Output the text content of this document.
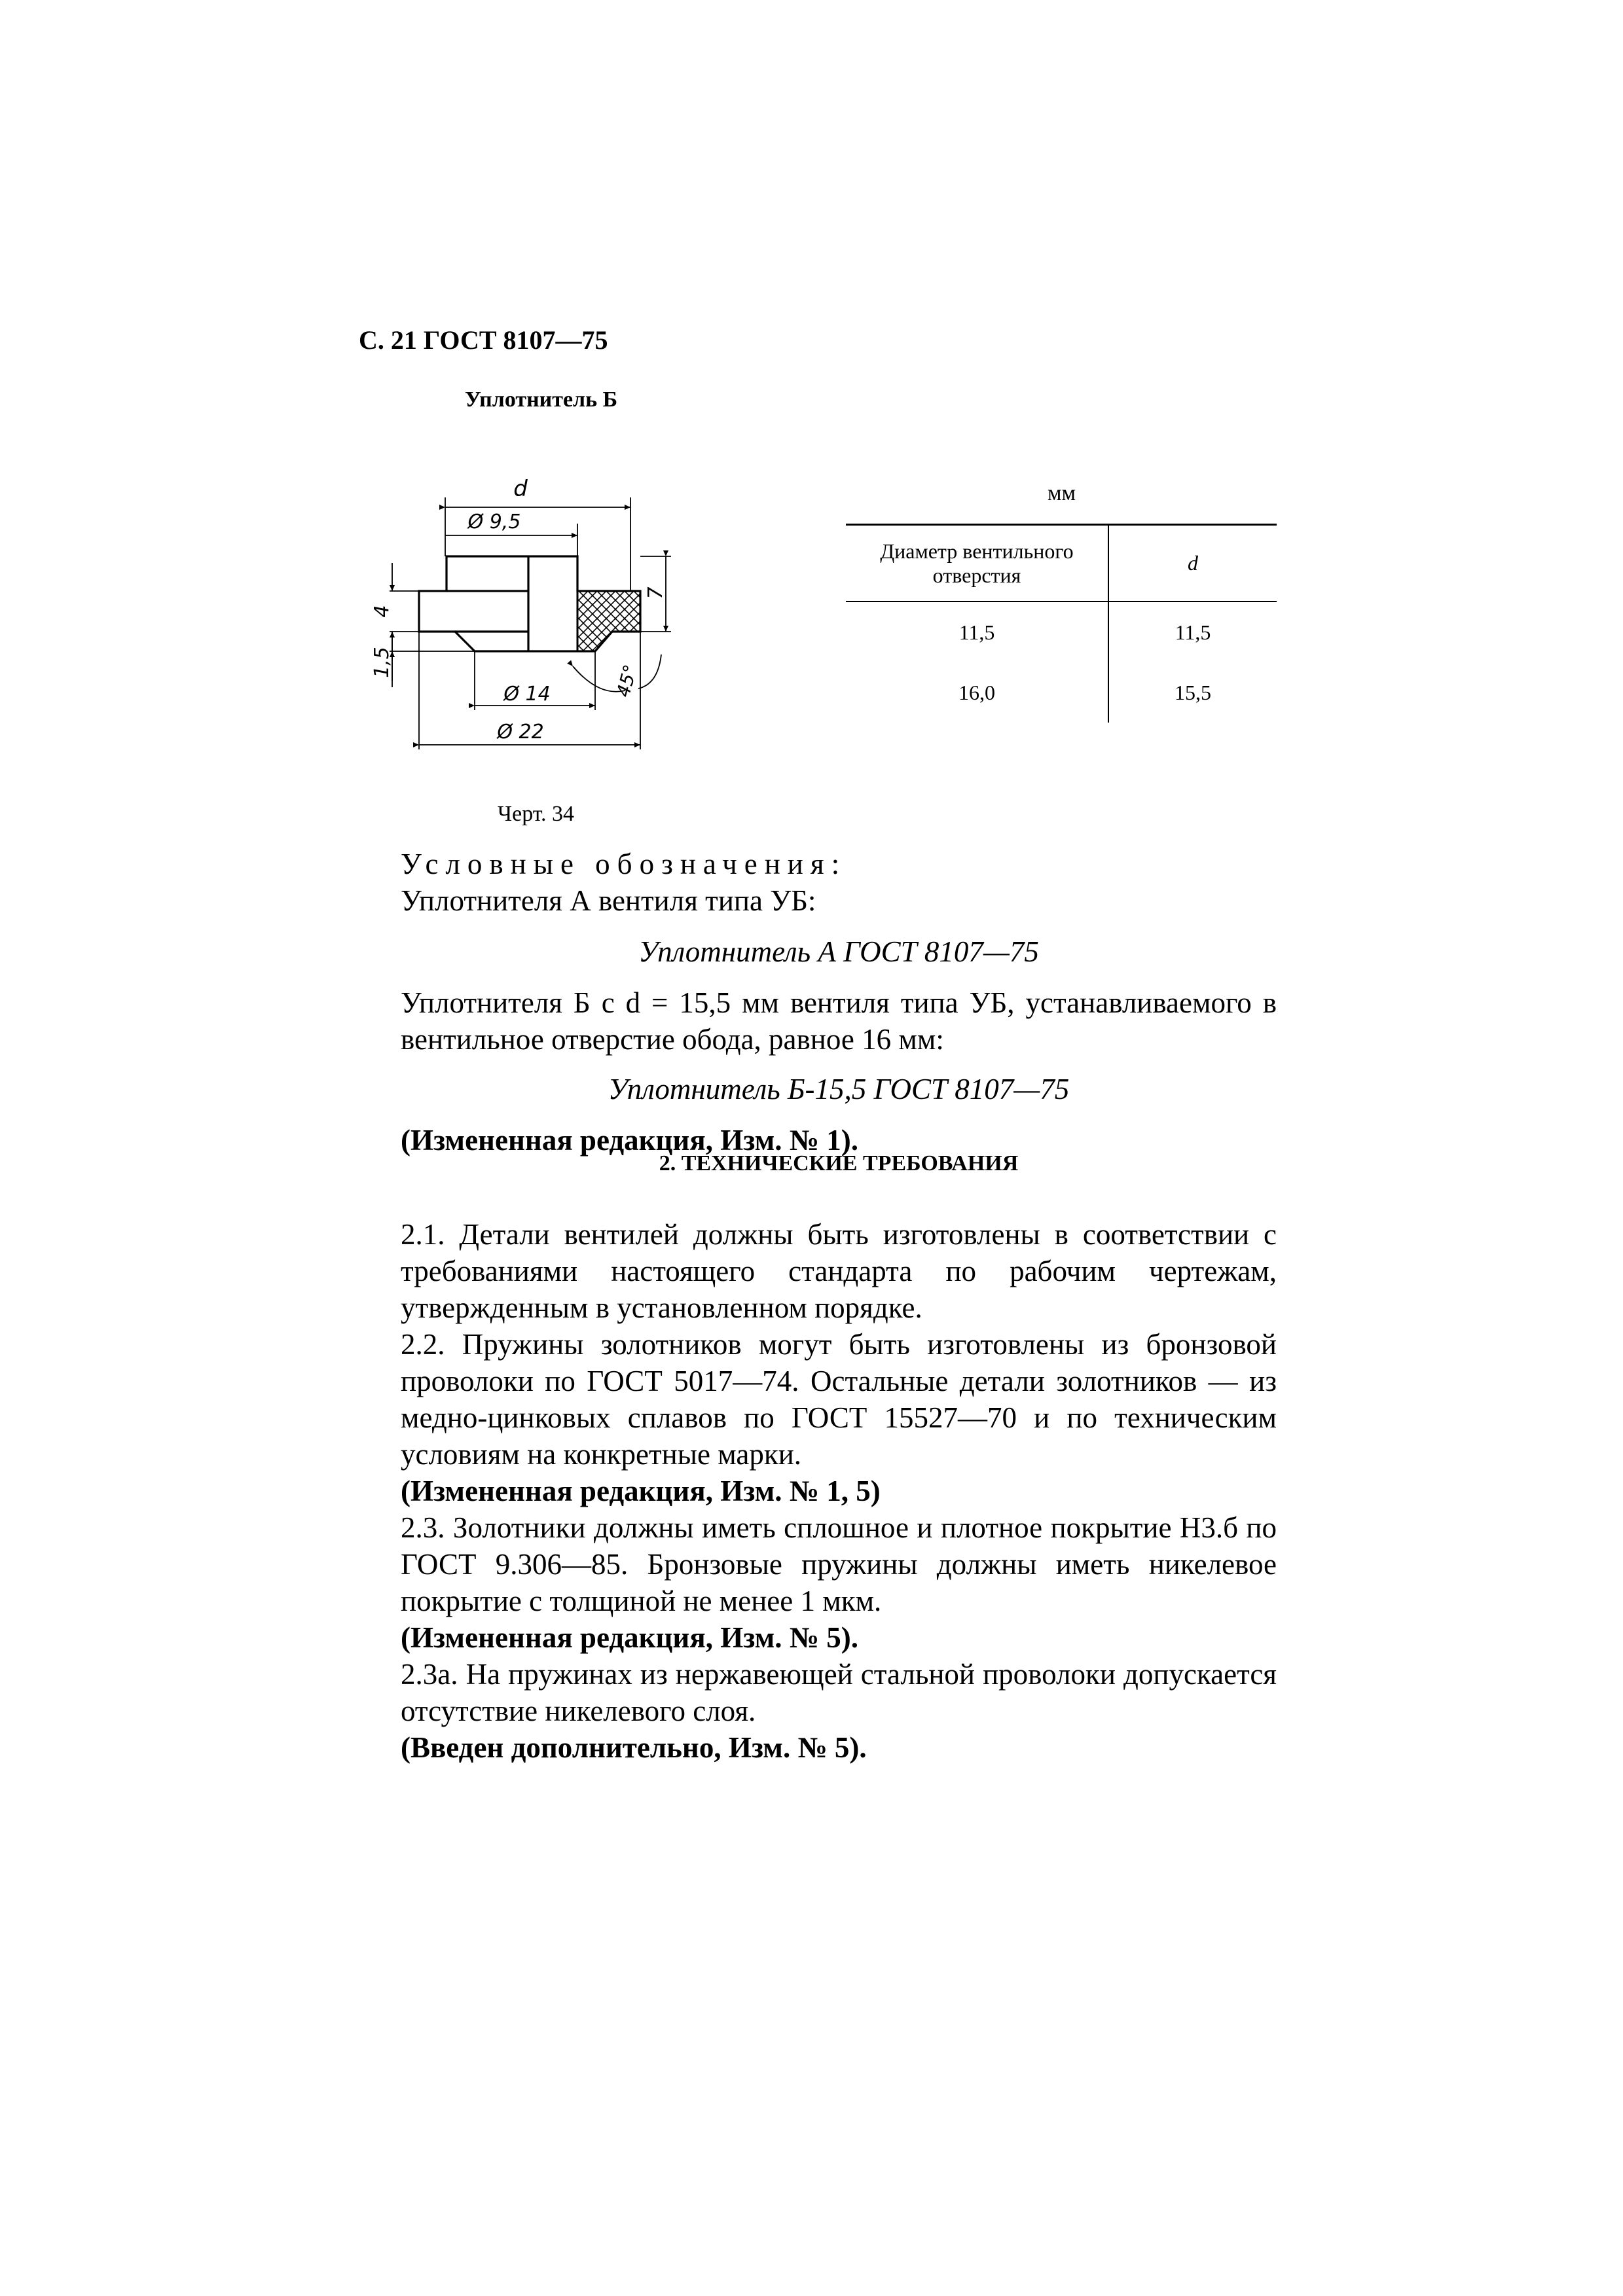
С. 21 ГОСТ 8107—75
Уплотнитель Б
d
Ø 9,5
Ø 14
Ø 22
4
1,5
7
45°
мм
Диаметр вентильного отверстия	d
11,5	11,5
16,0	15,5
Черт. 34

Условные обозначения:

Уплотнителя А вентиля типа УБ:

Уплотнитель А ГОСТ 8107—75

Уплотнителя Б с d = 15,5 мм вентиля типа УБ, устанавливаемого в вентильное отверстие обода, равное 16 мм:

Уплотнитель Б-15,5 ГОСТ 8107—75

(Измененная редакция, Изм. № 1).

2. ТЕХНИЧЕСКИЕ ТРЕБОВАНИЯ

2.1. Детали вентилей должны быть изготовлены в соответствии с требованиями настоящего стандарта по рабочим чертежам, утвержденным в установленном порядке.

2.2. Пружины золотников могут быть изготовлены из бронзовой проволоки по ГОСТ 5017—74. Остальные детали золотников — из медно-цинковых сплавов по ГОСТ 15527—70 и по техническим условиям на конкретные марки.

(Измененная редакция, Изм. № 1, 5)

2.3. Золотники должны иметь сплошное и плотное покрытие Н3.б по ГОСТ 9.306—85. Бронзовые пружины должны иметь никелевое покрытие с толщиной не менее 1 мкм.

(Измененная редакция, Изм. № 5).

2.3а. На пружинах из нержавеющей стальной проволоки допускается отсутствие никелевого слоя.

(Введен дополнительно, Изм. № 5).
